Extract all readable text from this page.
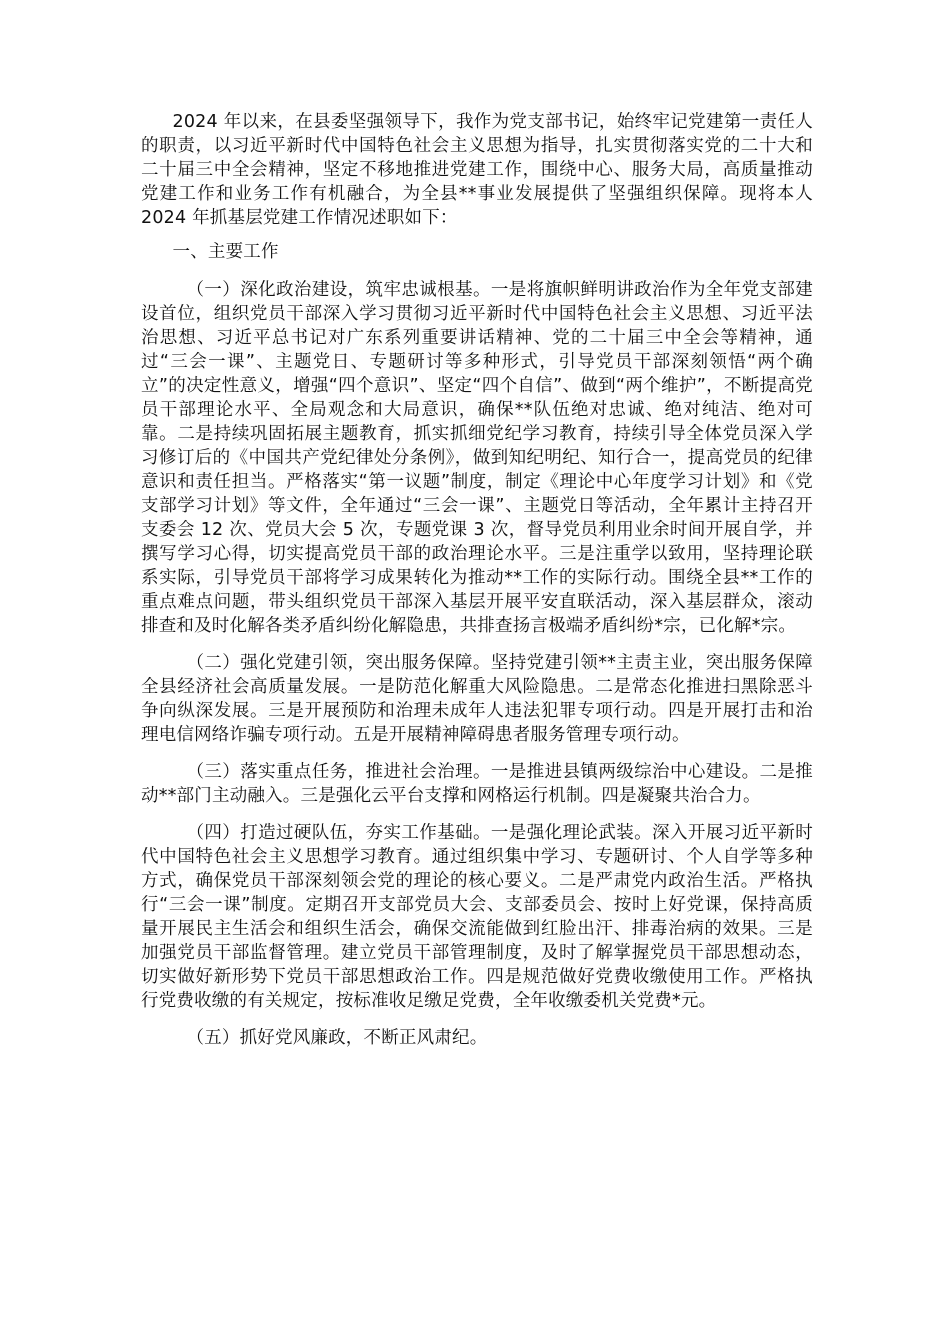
2024 年以来，在县委坚强领导下，我作为党支部书记，始终牢记党建第一责任人的职责，以习近平新时代中国特色社会主义思想为指导，扎实贯彻落实党的二十大和二十届三中全会精神，坚定不移地推进党建工作，围绕中心、服务大局，高质量推动党建工作和业务工作有机融合，为全县**事业发展提供了坚强组织保障。现将本人 2024 年抓基层党建工作情况述职如下：

一、主要工作

（一）深化政治建设，筑牢忠诚根基。一是将旗帜鲜明讲政治作为全年党支部建设首位，组织党员干部深入学习贯彻习近平新时代中国特色社会主义思想、习近平法治思想、习近平总书记对广东系列重要讲话精神、党的二十届三中全会等精神，通过“三会一课”、主题党日、专题研讨等多种形式，引导党员干部深刻领悟“两个确立”的决定性意义，增强“四个意识”、坚定“四个自信”、做到“两个维护”，不断提高党员干部理论水平、全局观念和大局意识，确保**队伍绝对忠诚、绝对纯洁、绝对可靠。二是持续巩固拓展主题教育，抓实抓细党纪学习教育，持续引导全体党员深入学习修订后的《中国共产党纪律处分条例》，做到知纪明纪、知行合一，提高党员的纪律意识和责任担当。严格落实“第一议题”制度，制定《理论中心年度学习计划》和《党支部学习计划》等文件，全年通过“三会一课”、主题党日等活动，全年累计主持召开支委会 12 次、党员大会 5 次，专题党课 3 次，督导党员利用业余时间开展自学，并撰写学习心得，切实提高党员干部的政治理论水平。三是注重学以致用，坚持理论联系实际，引导党员干部将学习成果转化为推动**工作的实际行动。围绕全县**工作的重点难点问题，带头组织党员干部深入基层开展平安直联活动，深入基层群众，滚动排查和及时化解各类矛盾纠纷化解隐患，共排查扬言极端矛盾纠纷*宗，已化解*宗。

（二）强化党建引领，突出服务保障。坚持党建引领**主责主业，突出服务保障全县经济社会高质量发展。一是防范化解重大风险隐患。二是常态化推进扫黑除恶斗争向纵深发展。三是开展预防和治理未成年人违法犯罪专项行动。四是开展打击和治理电信网络诈骗专项行动。五是开展精神障碍患者服务管理专项行动。

（三）落实重点任务，推进社会治理。一是推进县镇两级综治中心建设。二是推动**部门主动融入。三是强化云平台支撑和网格运行机制。四是凝聚共治合力。

（四）打造过硬队伍，夯实工作基础。一是强化理论武装。深入开展习近平新时代中国特色社会主义思想学习教育。通过组织集中学习、专题研讨、个人自学等多种方式，确保党员干部深刻领会党的理论的核心要义。二是严肃党内政治生活。严格执行“三会一课”制度。定期召开支部党员大会、支部委员会、按时上好党课，保持高质量开展民主生活会和组织生活会，确保交流能做到红脸出汗、排毒治病的效果。三是加强党员干部监督管理。建立党员干部管理制度，及时了解掌握党员干部思想动态，切实做好新形势下党员干部思想政治工作。四是规范做好党费收缴使用工作。严格执行党费收缴的有关规定，按标准收足缴足党费，全年收缴委机关党费*元。

（五）抓好党风廉政，不断正风肃纪。
